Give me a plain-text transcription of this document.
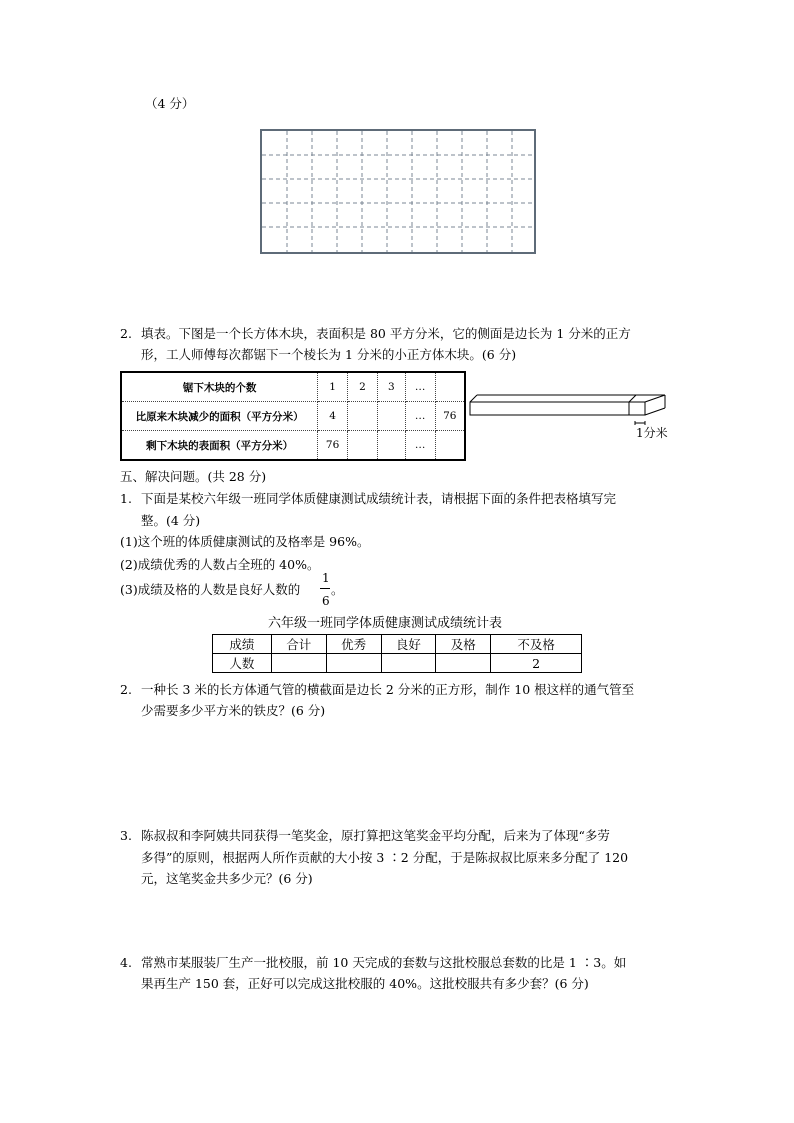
（4 分）
2. 填表。下图是一个长方体木块，表面积是 80 平方分米，它的侧面是边长为 1 分米的正方
形，工人师傅每次都锯下一个棱长为 1 分米的小正方体木块。(6 分)
锯下木块的个数	1	2	3	…	
比原来木块减少的面积（平方分米）	4			…	76
剩下木块的表面积（平方分米）	76			…	
1分米
五、解决问题。(共 28 分)
1. 下面是某校六年级一班同学体质健康测试成绩统计表，请根据下面的条件把表格填写完
整。(4 分)
(1)这个班的体质健康测试的及格率是 96%。
(2)成绩优秀的人数占全班的 40%。
(3)成绩及格的人数是良好人数的
1
6
。
六年级一班同学体质健康测试成绩统计表
成绩	合计	优秀	良好	及格	不及格
人数					2
2. 一种长 3 米的长方体通气管的横截面是边长 2 分米的正方形，制作 10 根这样的通气管至
少需要多少平方米的铁皮？(6 分)
3. 陈叔叔和李阿姨共同获得一笔奖金，原打算把这笔奖金平均分配，后来为了体现“多劳
多得”的原则，根据两人所作贡献的大小按 3 ∶2 分配，于是陈叔叔比原来多分配了 120
元，这笔奖金共多少元？(6 分)
4. 常熟市某服装厂生产一批校服，前 10 天完成的套数与这批校服总套数的比是 1 ∶3。如
果再生产 150 套，正好可以完成这批校服的 40%。这批校服共有多少套？(6 分)
